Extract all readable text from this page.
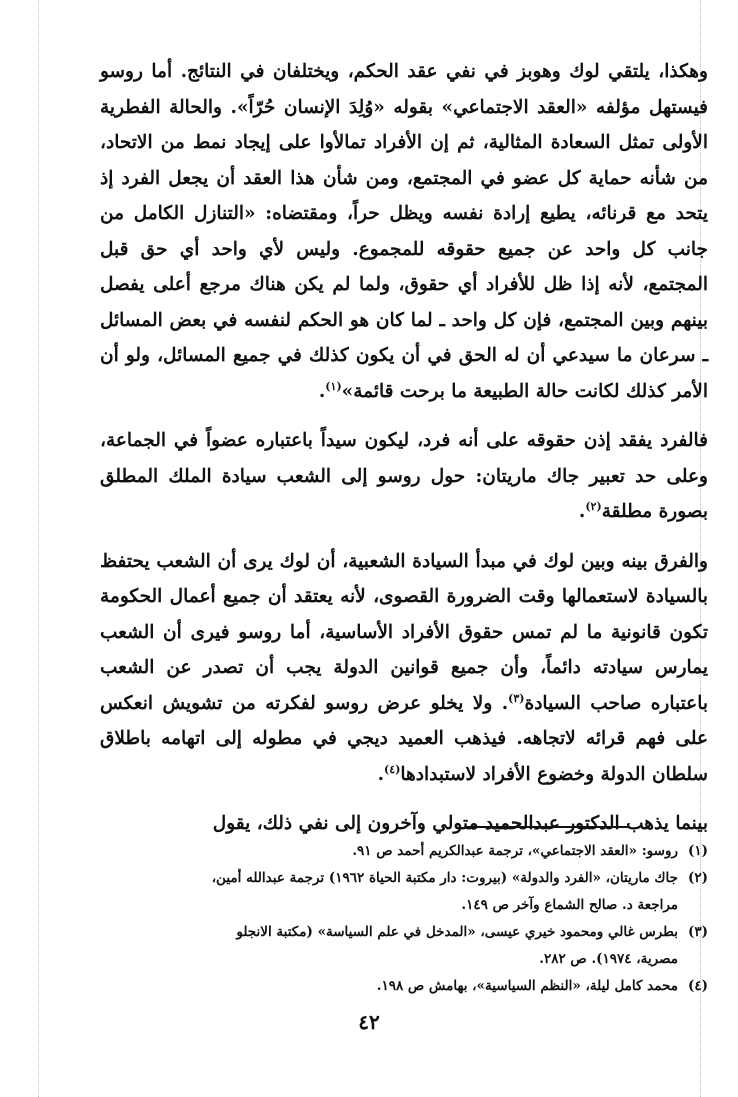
وهكذا، يلتقي لوك وهوبز في نفي عقد الحكم، ويختلفان في النتائج. أما روسو فيستهل مؤلفه «العقد الاجتماعي» بقوله «وُلِدَ الإنسان حُرّاً». والحالة الفطرية الأولى تمثل السعادة المثالية، ثم إن الأفراد تمالأوا على إيجاد نمط من الاتحاد، من شأنه حماية كل عضو في المجتمع، ومن شأن هذا العقد أن يجعل الفرد إذ يتحد مع قرنائه، يطيع إرادة نفسه ويظل حراً، ومقتضاه: «التنازل الكامل من جانب كل واحد عن جميع حقوقه للمجموع. وليس لأي واحد أي حق قبل المجتمع، لأنه إذا ظل للأفراد أي حقوق، ولما لم يكن هناك مرجع أعلى يفصل بينهم وبين المجتمع، فإن كل واحد ـ لما كان هو الحكم لنفسه في بعض المسائل ـ سرعان ما سيدعي أن له الحق في أن يكون كذلك في جميع المسائل، ولو أن الأمر كذلك لكانت حالة الطبيعة ما برحت قائمة»$^{(١)}$.

فالفرد يفقد إذن حقوقه على أنه فرد، ليكون سيداً باعتباره عضواً في الجماعة، وعلى حد تعبير جاك ماريتان: حول روسو إلى الشعب سيادة الملك المطلق بصورة مطلقة$^{(٢)}$.

والفرق بينه وبين لوك في مبدأ السيادة الشعبية، أن لوك يرى أن الشعب يحتفظ بالسيادة لاستعمالها وقت الضرورة القصوى، لأنه يعتقد أن جميع أعمال الحكومة تكون قانونية ما لم تمس حقوق الأفراد الأساسية، أما روسو فيرى أن الشعب يمارس سيادته دائماً، وأن جميع قوانين الدولة يجب أن تصدر عن الشعب باعتباره صاحب السيادة$^{(٣)}$. ولا يخلو عرض روسو لفكرته من تشويش انعكس على فهم قرائه لاتجاهه. فيذهب العميد ديجي في مطوله إلى اتهامه باطلاق سلطان الدولة وخضوع الأفراد لاستبدادها$^{(٤)}$.

بينما يذهب الدكتور عبدالحميد متولي وآخرون إلى نفي ذلك، يقول

(١)روسو: «العقد الاجتماعي»، ترجمة عبدالكريم أحمد ص ٩١.

(٢)جاك ماريتان، «الفرد والدولة» (بيروت: دار مكتبة الحياة ١٩٦٢) ترجمة عبدالله أمين،

مراجعة د. صالح الشماع وآخر ص ١٤٩.

(٣)بطرس غالي ومحمود خيري عيسى، «المدخل في علم السياسة» (مكتبة الانجلو

مصرية، ١٩٧٤). ص ٢٨٢.

(٤)محمد كامل ليلة، «النظم السياسية»، بهامش ص ١٩٨.

٤٢
